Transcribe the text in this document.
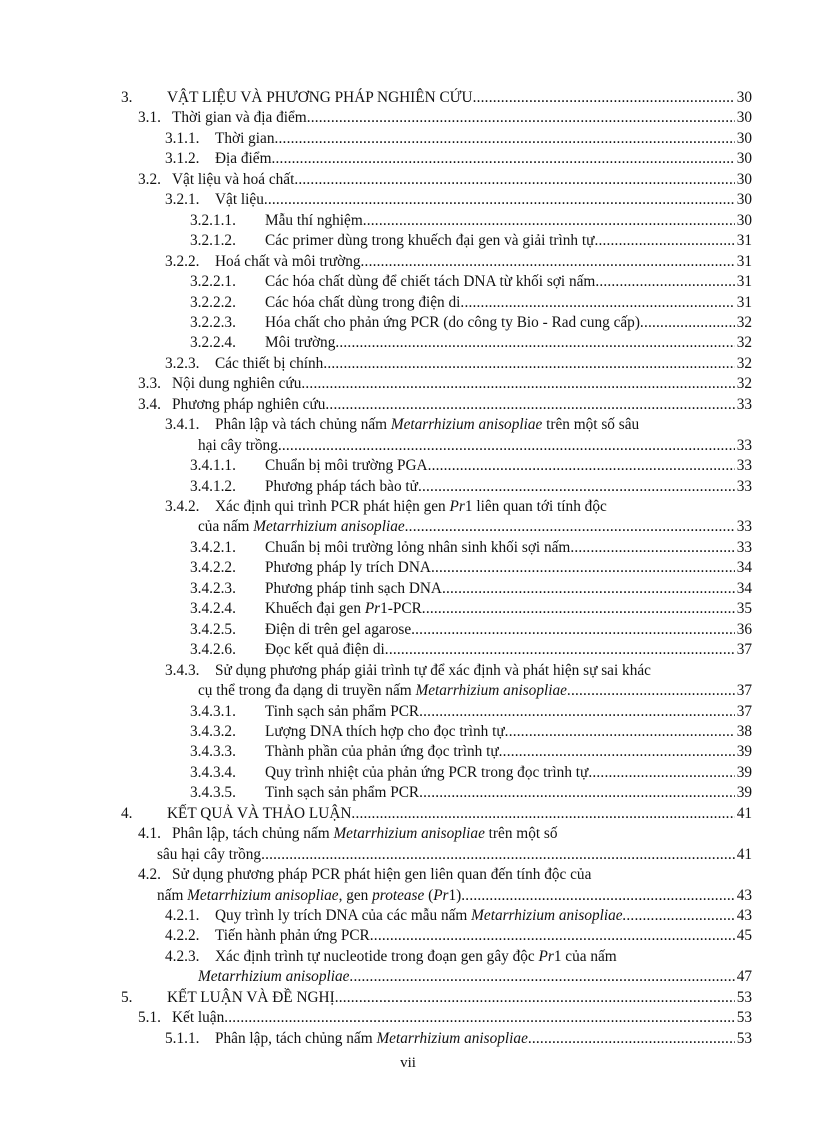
3.	VẬT LIỆU VÀ PHƯƠNG PHÁP NGHIÊN CỨU .....	30
3.1. Thời gian và địa điểm .....	30
3.1.1.	Thời gian .....	30
3.1.2.	Địa điểm .....	30
3.2. Vật liệu và hoá chất .....	30
3.2.1.	Vật liệu .....	30
3.2.1.1.	Mẫu thí nghiệm .....	30
3.2.1.2.	Các primer dùng trong khuếch đại gen và giải trình tự .....	31
3.2.2.	Hoá chất và môi trường .....	31
3.2.2.1.	Các hóa chất dùng để chiết tách DNA từ khối sợi nấm .....	31
3.2.2.2.	Các hóa chất dùng trong điện di .....	31
3.2.2.3.	Hóa chất cho phản ứng PCR (do công ty Bio - Rad cung cấp) .....	32
3.2.2.4.	Môi trường .....	32
3.2.3.	Các thiết bị chính .....	32
3.3. Nội dung nghiên cứu .....	32
3.4. Phương pháp nghiên cứu .....	33
3.4.1.	Phân lập và tách chủng nấm Metarrhizium anisopliae trên một số sâu
hại cây trồng .....	33
3.4.1.1.	Chuẩn bị môi trường PGA .....	33
3.4.1.2.	Phương pháp tách bào tử .....	33
3.4.2.	Xác định qui trình PCR phát hiện gen Pr1 liên quan tới tính độc
của nấm Metarrhizium anisopliae .....	33
3.4.2.1.	Chuẩn bị môi trường lỏng nhân sinh khối sợi nấm .....	33
3.4.2.2.	Phương pháp ly trích DNA .....	34
3.4.2.3.	Phương pháp tinh sạch DNA .....	34
3.4.2.4.	Khuếch đại gen Pr1-PCR .....	35
3.4.2.5.	Điện di trên gel agarose .....	36
3.4.2.6.	Đọc kết quả điện di .....	37
3.4.3.	Sử dụng phương pháp giải trình tự để xác định và phát hiện sự sai khác
cụ thể trong đa dạng di truyền nấm Metarrhizium anisopliae .....	37
3.4.3.1.	Tinh sạch sản phẩm PCR .....	37
3.4.3.2.	Lượng DNA thích hợp cho đọc trình tự .....	38
3.4.3.3.	Thành phần của phản ứng đọc trình tự .....	39
3.4.3.4.	Quy trình nhiệt của phản ứng PCR trong đọc trình tự .....	39
3.4.3.5.	Tinh sạch sản phẩm PCR .....	39
4.	KẾT QUẢ VÀ THẢO LUẬN .....	41
4.1. Phân lập, tách chủng nấm Metarrhizium anisopliae trên một số
sâu hại cây trồng .....	41
4.2. Sử dụng phương pháp PCR phát hiện gen liên quan đến tính độc của
nấm Metarrhizium anisopliae, gen protease (Pr1) .....	43
4.2.1.	Quy trình ly trích DNA của các mẫu nấm Metarrhizium anisopliae. .....	43
4.2.2.	Tiến hành phản ứng PCR .....	45
4.2.3.	Xác định trình tự nucleotide trong đoạn gen gây độc Pr1 của nấm
Metarrhizium anisopliae .....	47
5.	KẾT LUẬN VÀ ĐỀ NGHỊ .....	53
5.1. Kết luận .....	53
5.1.1.	Phân lập, tách chủng nấm Metarrhizium anisopliae .....	53
vii
